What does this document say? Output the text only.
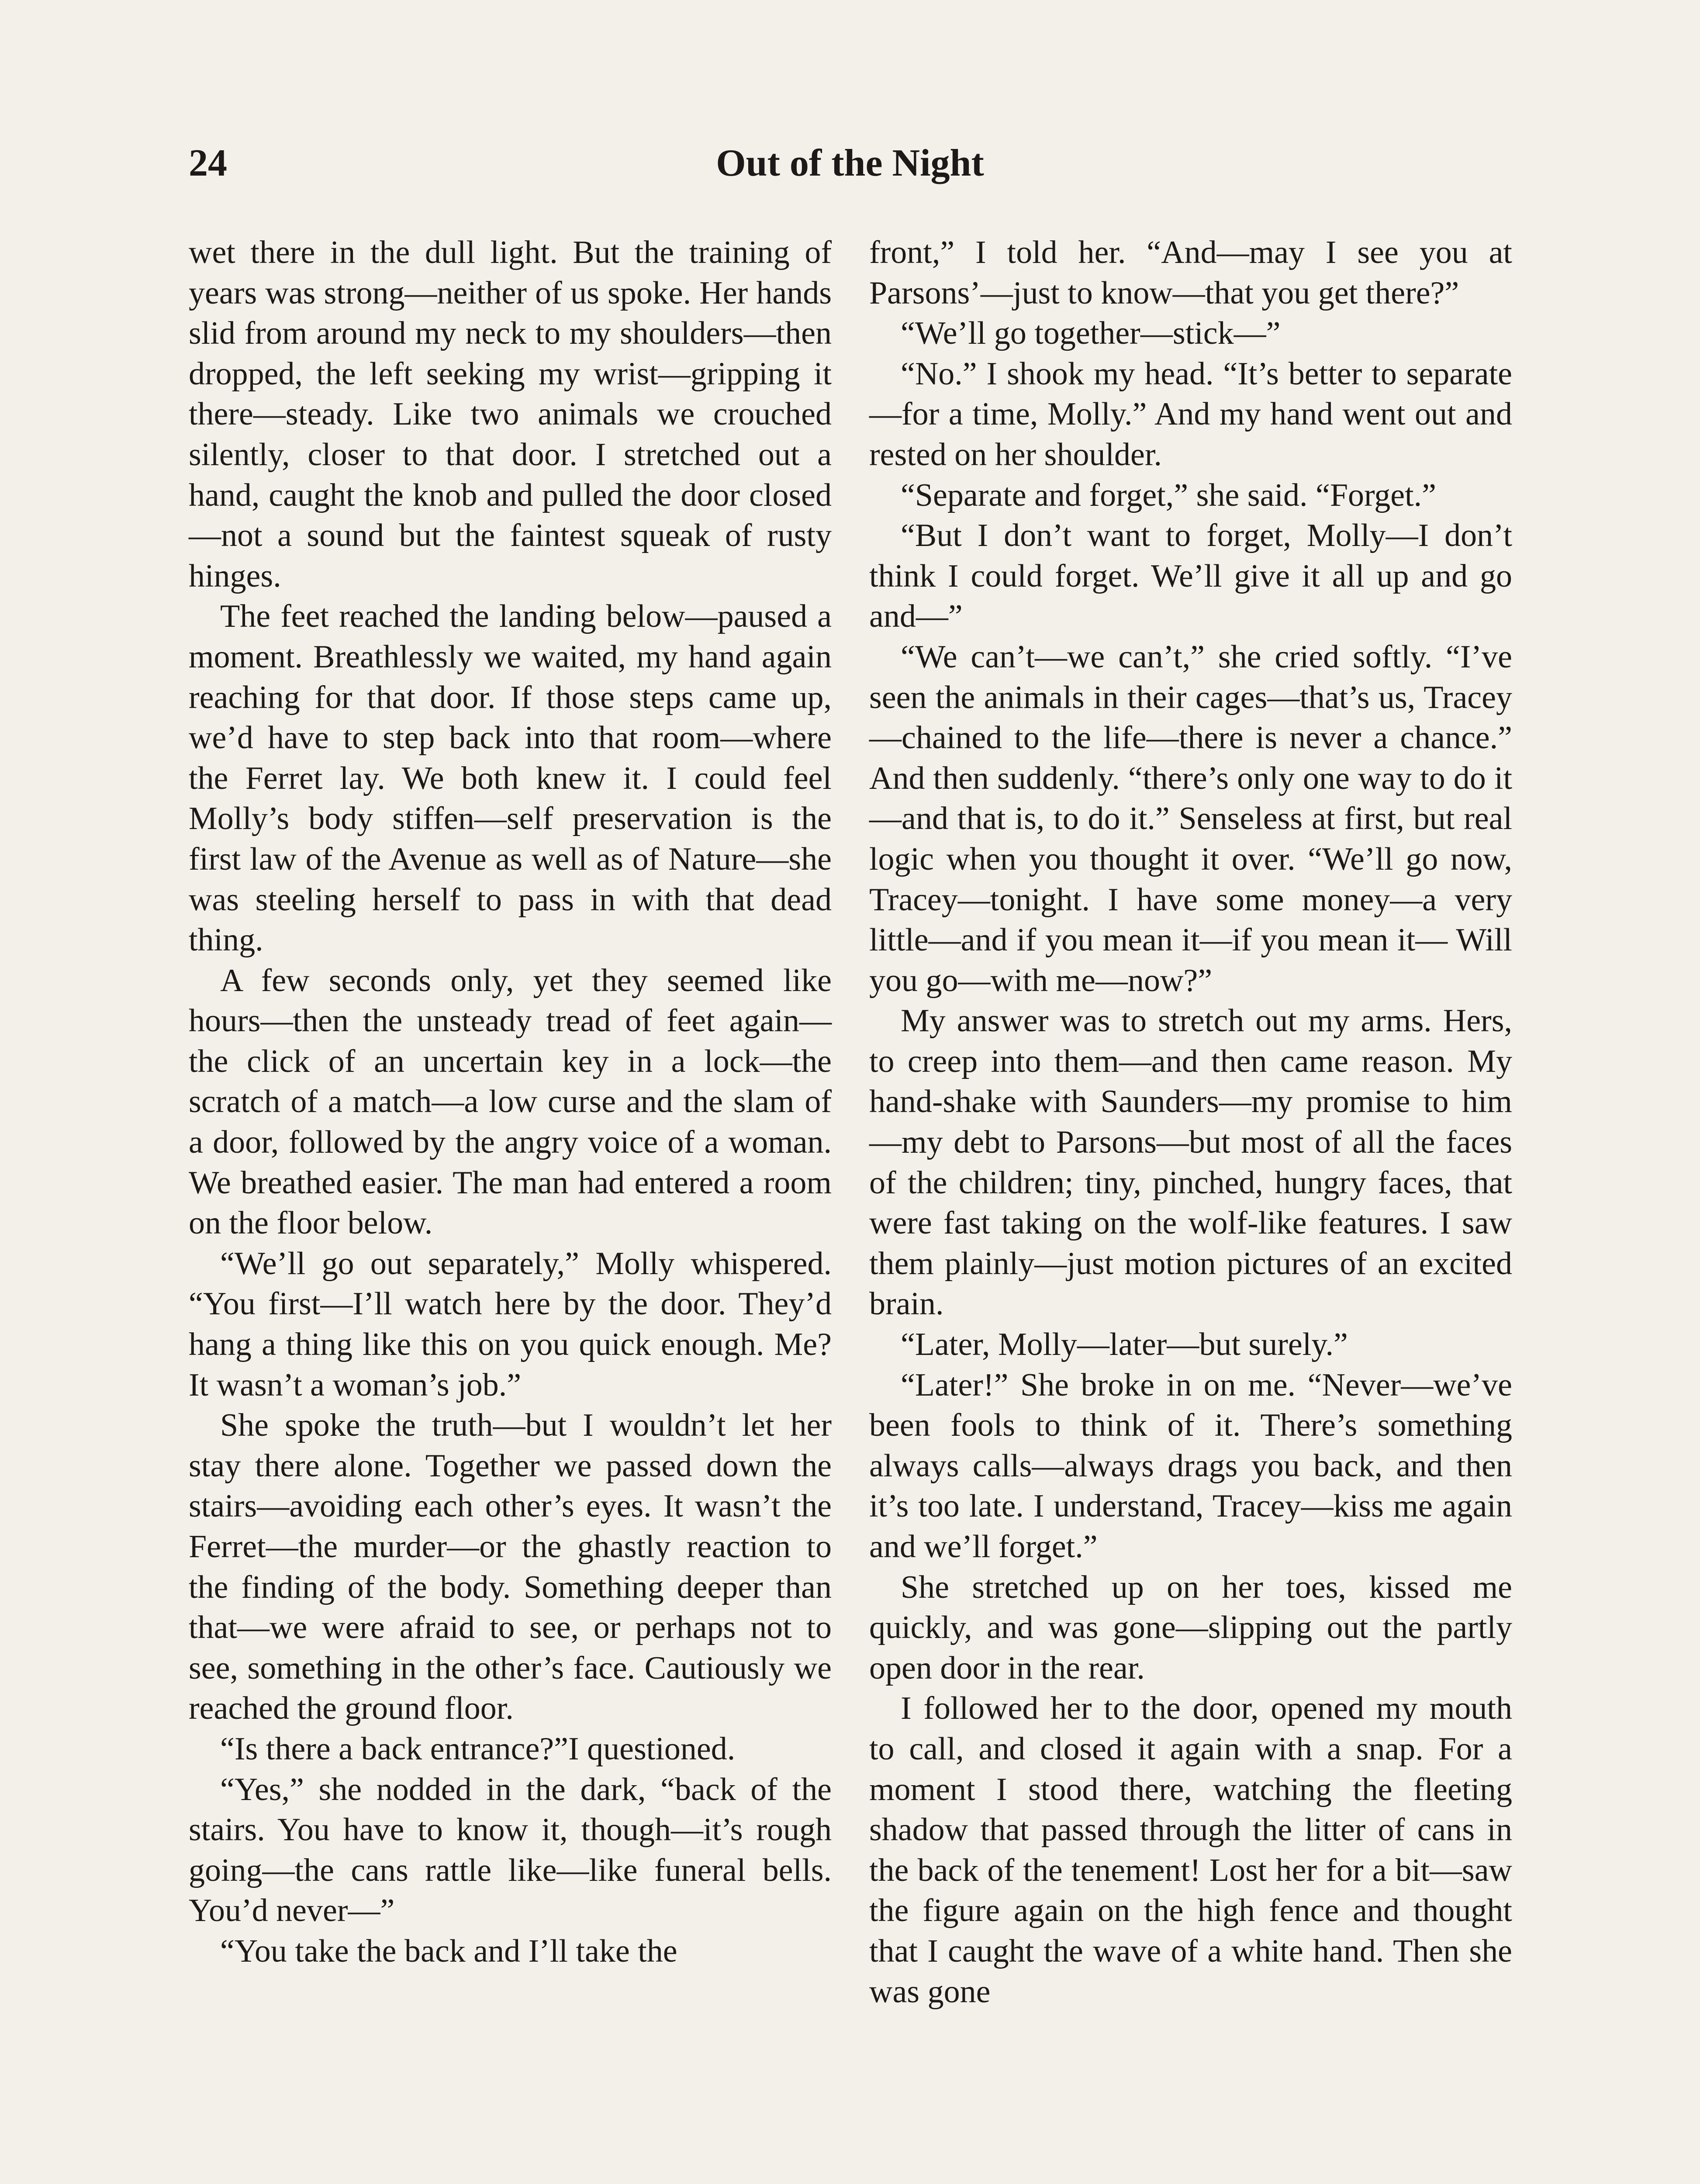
24	Out of the Night

wet there in the dull light. But the training of years was strong—neither of us spoke. Her hands slid from around my neck to my shoulders—then dropped, the left seeking my wrist—gripping it there—steady. Like two animals we crouched silently, closer to that door. I stretched out a hand, caught the knob and pulled the door closed—not a sound but the faintest squeak of rusty hinges.

The feet reached the landing below—paused a moment. Breathlessly we waited, my hand again reaching for that door. If those steps came up, we’d have to step back into that room—where the Ferret lay. We both knew it. I could feel Molly’s body stiffen—self preservation is the first law of the Avenue as well as of Nature—she was steeling herself to pass in with that dead thing.

A few seconds only, yet they seemed like hours—then the unsteady tread of feet again—the click of an uncertain key in a lock—the scratch of a match—a low curse and the slam of a door, followed by the angry voice of a woman. We breathed easier. The man had entered a room on the floor below.

“We’ll go out separately,” Molly whispered. “You first—I’ll watch here by the door. They’d hang a thing like this on you quick enough. Me? It wasn’t a woman’s job.”

She spoke the truth—but I wouldn’t let her stay there alone. Together we passed down the stairs—avoiding each other’s eyes. It wasn’t the Ferret—the murder—or the ghastly reaction to the finding of the body. Something deeper than that—we were afraid to see, or perhaps not to see, something in the other’s face. Cautiously we reached the ground floor.

“Is there a back entrance?”I questioned.

“Yes,” she nodded in the dark, “back of the stairs. You have to know it, though—it’s rough going—the cans rattle like—like funeral bells. You’d never—”

“You take the back and I’ll take the

front,” I told her. “And—may I see you at Parsons’—just to know—that you get there?”

“We’ll go together—stick—”

“No.” I shook my head. “It’s better to separate—for a time, Molly.” And my hand went out and rested on her shoulder.

“Separate and forget,” she said. “Forget.”

“But I don’t want to forget, Molly—I don’t think I could forget. We’ll give it all up and go and—”

“We can’t—we can’t,” she cried softly. “I’ve seen the animals in their cages—that’s us, Tracey—chained to the life—there is never a chance.” And then suddenly. “there’s only one way to do it—and that is, to do it.” Senseless at first, but real logic when you thought it over. “We’ll go now, Tracey—tonight. I have some money—a very little—and if you mean it—if you mean it— Will you go—with me—now?”

My answer was to stretch out my arms. Hers, to creep into them—and then came reason. My hand-shake with Saunders—my promise to him—my debt to Parsons—but most of all the faces of the children; tiny, pinched, hungry faces, that were fast taking on the wolf-like features. I saw them plainly—just motion pictures of an excited brain.

“Later, Molly—later—but surely.”

“Later!” She broke in on me. “Never—we’ve been fools to think of it. There’s something always calls—always drags you back, and then it’s too late. I understand, Tracey—kiss me again and we’ll forget.”

She stretched up on her toes, kissed me quickly, and was gone—slipping out the partly open door in the rear.

I followed her to the door, opened my mouth to call, and closed it again with a snap. For a moment I stood there, watching the fleeting shadow that passed through the litter of cans in the back of the tenement! Lost her for a bit—saw the figure again on the high fence and thought that I caught the wave of a white hand. Then she was gone
